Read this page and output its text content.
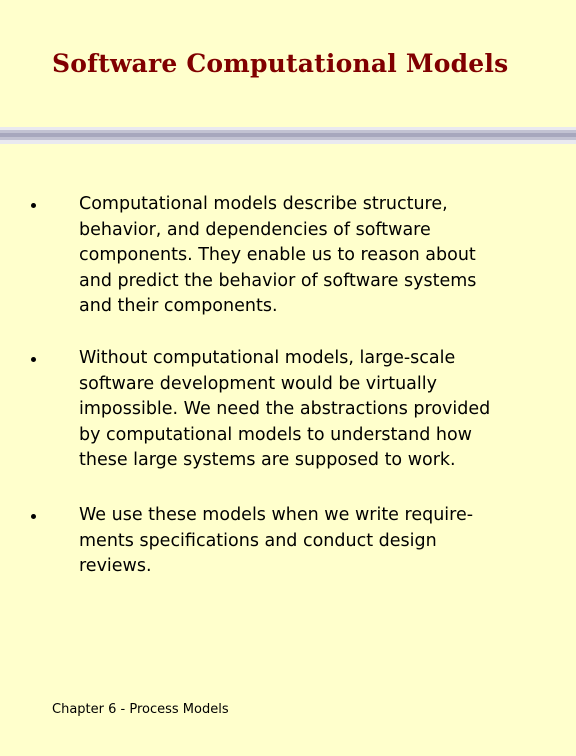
Software Computational Models

Computational models describe structure,
behavior, and dependencies of software
components. They enable us to reason about
and predict the behavior of software systems
and their components.

Without computational models, large-scale
software development would be virtually
impossible. We need the abstractions provided
by computational models to understand how
these large systems are supposed to work.

We use these models when we write require-
ments specifications and conduct design
reviews.

Chapter 6 - Process Models
